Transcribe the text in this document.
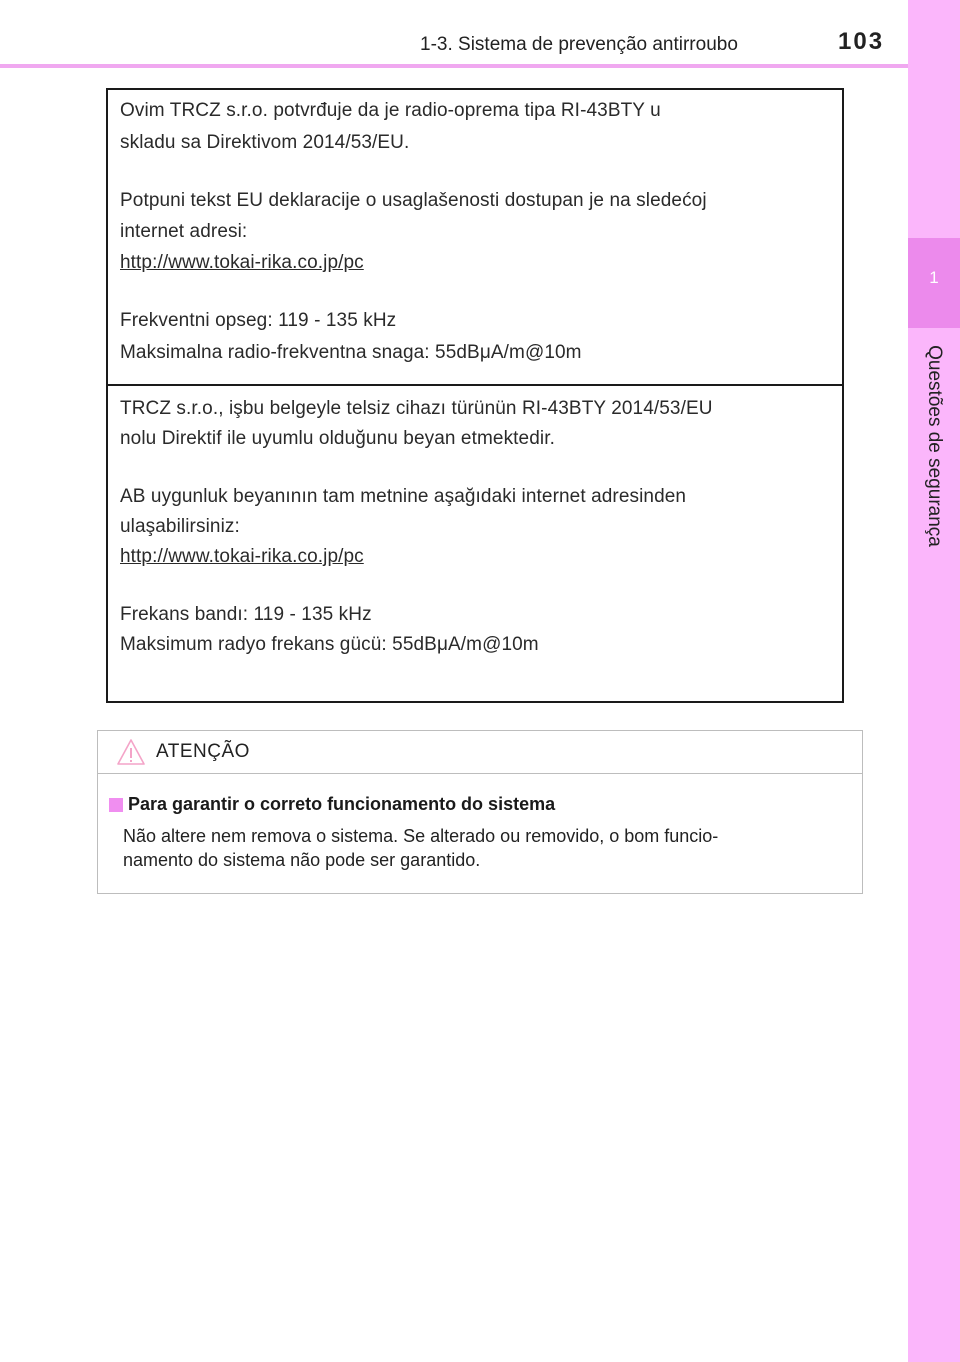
1-3. Sistema de prevenção antirroubo	103
1
Questões de segurança
Ovim TRCZ s.r.o. potvrđuje da je radio-oprema tipa RI-43BTY u
skladu sa Direktivom 2014/53/EU.
Potpuni tekst EU deklaracije o usaglašenosti dostupan je na sledećoj
internet adresi:
http://www.tokai-rika.co.jp/pc
Frekventni opseg: 119 - 135 kHz
Maksimalna radio-frekventna snaga: 55dBμA/m@10m
TRCZ s.r.o., işbu belgeyle telsiz cihazı türünün RI-43BTY 2014/53/EU
nolu Direktif ile uyumlu olduğunu beyan etmektedir.
AB uygunluk beyanının tam metnine aşağıdaki internet adresinden
ulaşabilirsiniz:
http://www.tokai-rika.co.jp/pc
Frekans bandı: 119 - 135 kHz
Maksimum radyo frekans gücü: 55dBμA/m@10m
ATENÇÃO
Para garantir o correto funcionamento do sistema
Não altere nem remova o sistema. Se alterado ou removido, o bom funcio-
namento do sistema não pode ser garantido.
